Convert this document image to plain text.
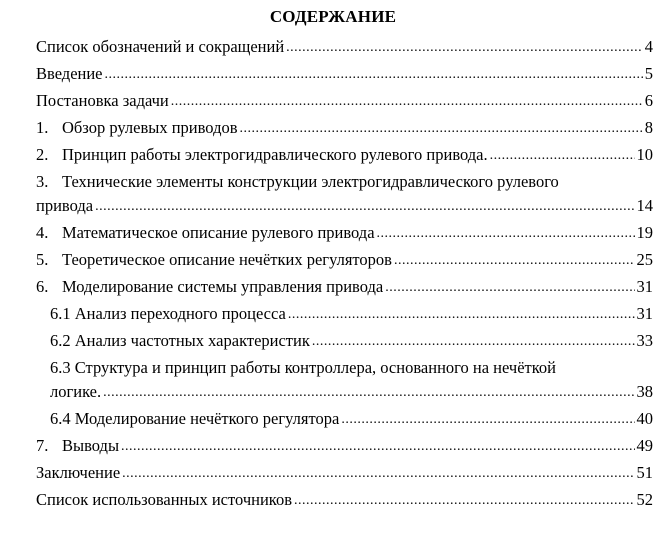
СОДЕРЖАНИЕ
Список обозначений и сокращений .....	4
Введение .....	5
Постановка задачи .....	6
1. Обзор рулевых приводов .....	8
2. Принцип работы электрогидравлического рулевого привода. .....	10
3. Технические элементы конструкции электрогидравлического рулевого
привода .....	14
4. Математическое описание рулевого привода .....	19
5. Теоретическое описание нечётких регуляторов .....	25
6. Моделирование системы управления привода .....	31
6.1 Анализ переходного процесса .....	31
6.2 Анализ частотных характеристик .....	33
6.3 Структура и принцип работы контроллера, основанного на нечёткой
логике. .....	38
6.4 Моделирование нечёткого регулятора .....	40
7. Выводы .....	49
Заключение .....	51
Список использованных источников .....	52
